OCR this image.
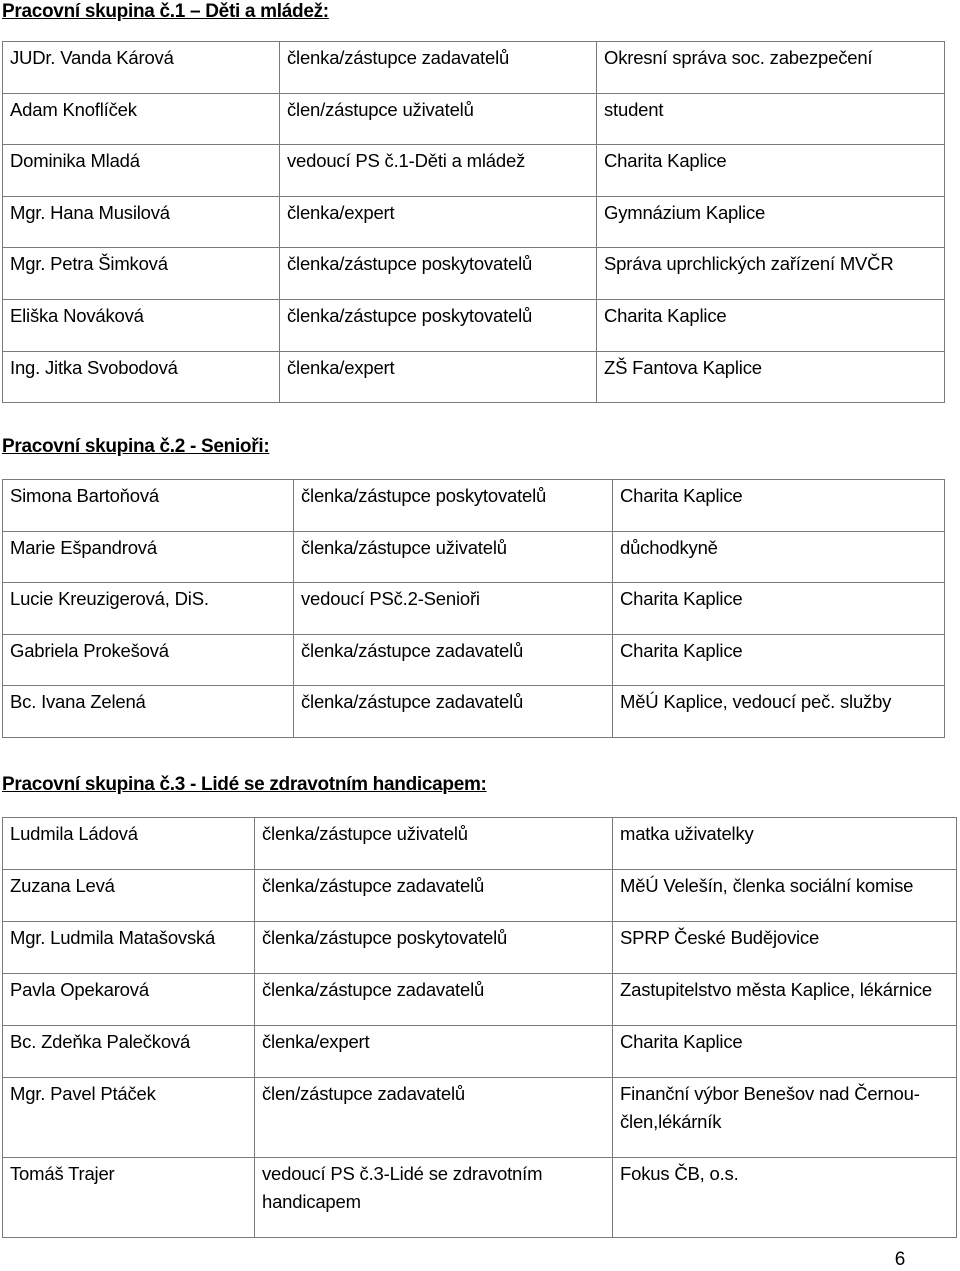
Pracovní skupina č.1 – Děti a mládež:
JUDr. Vanda Kárová	členka/zástupce zadavatelů	Okresní správa soc. zabezpečení
Adam Knoflíček	člen/zástupce uživatelů	student
Dominika Mladá	vedoucí PS č.1-Děti a mládež	Charita Kaplice
Mgr. Hana Musilová	členka/expert	Gymnázium Kaplice
Mgr. Petra Šimková	členka/zástupce poskytovatelů	Správa uprchlických zařízení MVČR
Eliška Nováková	členka/zástupce poskytovatelů	Charita Kaplice
Ing. Jitka Svobodová	členka/expert	ZŠ Fantova Kaplice
Pracovní skupina č.2 - Senioři:
Simona Bartoňová	členka/zástupce poskytovatelů	Charita Kaplice
Marie Ešpandrová	členka/zástupce uživatelů	důchodkyně
Lucie Kreuzigerová, DiS.	vedoucí PSč.2-Senioři	Charita Kaplice
Gabriela Prokešová	členka/zástupce zadavatelů	Charita Kaplice
Bc. Ivana Zelená	členka/zástupce zadavatelů	MěÚ Kaplice, vedoucí peč. služby
Pracovní skupina č.3 - Lidé se zdravotním handicapem:
Ludmila Ládová	členka/zástupce uživatelů	matka uživatelky
Zuzana Levá	členka/zástupce zadavatelů	MěÚ Velešín, členka sociální komise
Mgr. Ludmila Matašovská	členka/zástupce poskytovatelů	SPRP České Budějovice
Pavla Opekarová	členka/zástupce zadavatelů	Zastupitelstvo města Kaplice, lékárnice
Bc. Zdeňka Palečková	členka/expert	Charita Kaplice
Mgr. Pavel Ptáček	člen/zástupce zadavatelů	Finanční výbor Benešov nad Černou-člen,lékárník
Tomáš Trajer	vedoucí PS č.3-Lidé se zdravotním handicapem	Fokus ČB, o.s.
6
